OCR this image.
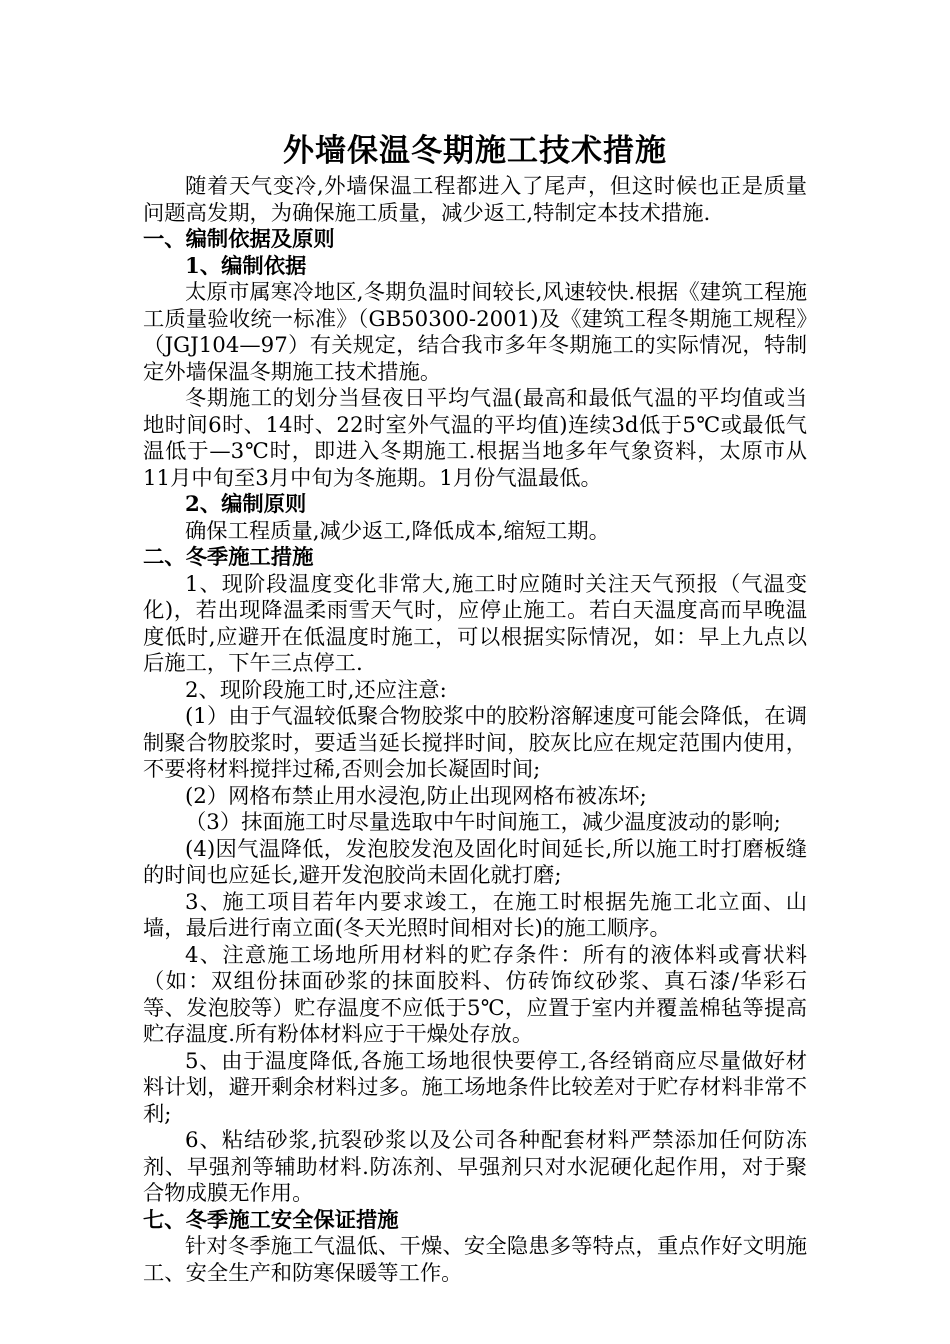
外墙保温冬期施工技术措施

随着天气变冷,外墙保温工程都进入了尾声，但这时候也正是质量问题高发期，为确保施工质量，减少返工,特制定本技术措施.

一、编制依据及原则

1、编制依据

太原市属寒冷地区,冬期负温时间较长,风速较快.根据《建筑工程施工质量验收统一标准》（GB50300-2001)及《建筑工程冬期施工规程》（JGJ104—97）有关规定，结合我市多年冬期施工的实际情况，特制定外墙保温冬期施工技术措施。

冬期施工的划分当昼夜日平均气温(最高和最低气温的平均值或当地时间6时、14时、22时室外气温的平均值)连续3d低于5℃或最低气温低于—3℃时，即进入冬期施工.根据当地多年气象资料，太原市从11月中旬至3月中旬为冬施期。1月份气温最低。

2、编制原则

确保工程质量,减少返工,降低成本,缩短工期。

二、冬季施工措施

1、现阶段温度变化非常大,施工时应随时关注天气预报（气温变化)，若出现降温柔雨雪天气时，应停止施工。若白天温度高而早晚温度低时,应避开在低温度时施工，可以根据实际情况，如：早上九点以后施工，下午三点停工.

2、现阶段施工时,还应注意:

(1）由于气温较低聚合物胶浆中的胶粉溶解速度可能会降低，在调制聚合物胶浆时，要适当延长搅拌时间，胶灰比应在规定范围内使用，不要将材料搅拌过稀,否则会加长凝固时间;

(2）网格布禁止用水浸泡,防止出现网格布被冻坏;

（3）抹面施工时尽量选取中午时间施工，减少温度波动的影响;

(4)因气温降低，发泡胶发泡及固化时间延长,所以施工时打磨板缝的时间也应延长,避开发泡胶尚未固化就打磨;

3、施工项目若年内要求竣工，在施工时根据先施工北立面、山墙，最后进行南立面(冬天光照时间相对长)的施工顺序。

4、注意施工场地所用材料的贮存条件：所有的液体料或膏状料（如：双组份抹面砂浆的抹面胶料、仿砖饰纹砂浆、真石漆/华彩石等、发泡胶等）贮存温度不应低于5℃，应置于室内并覆盖棉毡等提高贮存温度.所有粉体材料应于干燥处存放。

5、由于温度降低,各施工场地很快要停工,各经销商应尽量做好材料计划，避开剩余材料过多。施工场地条件比较差对于贮存材料非常不利;

6、粘结砂浆,抗裂砂浆以及公司各种配套材料严禁添加任何防冻剂、早强剂等辅助材料.防冻剂、早强剂只对水泥硬化起作用，对于聚合物成膜无作用。

七、冬季施工安全保证措施

针对冬季施工气温低、干燥、安全隐患多等特点，重点作好文明施工、安全生产和防寒保暖等工作。
